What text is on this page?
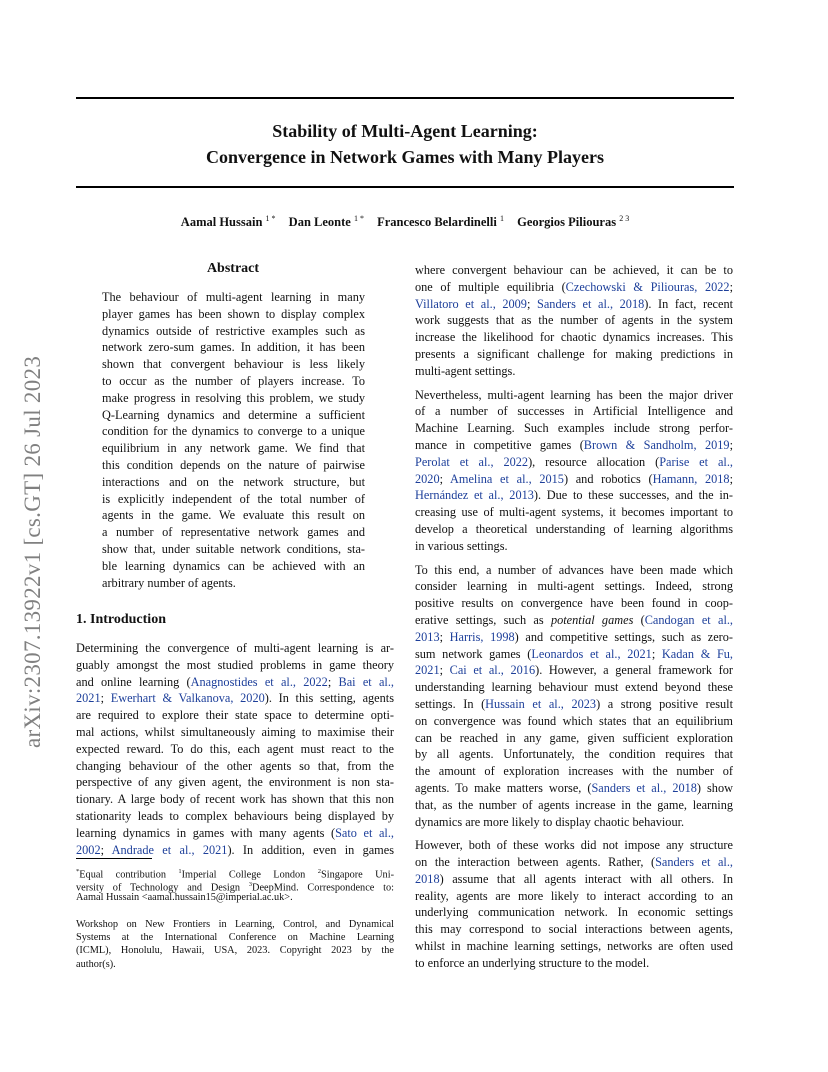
Stability of Multi-Agent Learning:
Convergence in Network Games with Many Players
Aamal Hussain $^{1 *}$ Dan Leonte $^{1 *}$ Francesco Belardinelli $^1$ Georgios Piliouras $^{2 3}$
arXiv:2307.13922v1 [cs.GT] 26 Jul 2023
Abstract
The behaviour of multi-agent learning in many
player games has been shown to display complex
dynamics outside of restrictive examples such as
network zero-sum games. In addition, it has been
shown that convergent behaviour is less likely
to occur as the number of players increase. To
make progress in resolving this problem, we study
Q-Learning dynamics and determine a sufficient
condition for the dynamics to converge to a unique
equilibrium in any network game. We find that
this condition depends on the nature of pairwise
interactions and on the network structure, but
is explicitly independent of the total number of
agents in the game. We evaluate this result on
a number of representative network games and
show that, under suitable network conditions, sta-
ble learning dynamics can be achieved with an
arbitrary number of agents.
1. Introduction
Determining the convergence of multi-agent learning is ar-
guably amongst the most studied problems in game theory
and online learning (Anagnostides et al., 2022; Bai et al.,
2021; Ewerhart & Valkanova, 2020). In this setting, agents
are required to explore their state space to determine opti-
mal actions, whilst simultaneously aiming to maximise their
expected reward. To do this, each agent must react to the
changing behaviour of the other agents so that, from the
perspective of any given agent, the environment is non sta-
tionary. A large body of recent work has shown that this non
stationarity leads to complex behaviours being displayed by
learning dynamics in games with many agents (Sato et al.,
2002; Andrade et al., 2021). In addition, even in games
*Equal contribution $^1$Imperial College London $^2$Singapore Uni-
versity of Technology and Design $^3$DeepMind. Correspondence to:
Aamal Hussain <aamal.hussain15@imperial.ac.uk>.
Workshop on New Frontiers in Learning, Control, and Dynamical
Systems at the International Conference on Machine Learning
(ICML), Honolulu, Hawaii, USA, 2023. Copyright 2023 by the
author(s).
where convergent behaviour can be achieved, it can be to
one of multiple equilibria (Czechowski & Piliouras, 2022;
Villatoro et al., 2009; Sanders et al., 2018). In fact, recent
work suggests that as the number of agents in the system
increase the likelihood for chaotic dynamics increases. This
presents a significant challenge for making predictions in
multi-agent settings.
Nevertheless, multi-agent learning has been the major driver
of a number of successes in Artificial Intelligence and
Machine Learning. Such examples include strong perfor-
mance in competitive games (Brown & Sandholm, 2019;
Perolat et al., 2022), resource allocation (Parise et al.,
2020; Amelina et al., 2015) and robotics (Hamann, 2018;
Hernández et al., 2013). Due to these successes, and the in-
creasing use of multi-agent systems, it becomes important to
develop a theoretical understanding of learning algorithms
in various settings.
To this end, a number of advances have been made which
consider learning in multi-agent settings. Indeed, strong
positive results on convergence have been found in coop-
erative settings, such as potential games (Candogan et al.,
2013; Harris, 1998) and competitive settings, such as zero-
sum network games (Leonardos et al., 2021; Kadan & Fu,
2021; Cai et al., 2016). However, a general framework for
understanding learning behaviour must extend beyond these
settings. In (Hussain et al., 2023) a strong positive result
on convergence was found which states that an equilibrium
can be reached in any game, given sufficient exploration
by all agents. Unfortunately, the condition requires that
the amount of exploration increases with the number of
agents. To make matters worse, (Sanders et al., 2018) show
that, as the number of agents increase in the game, learning
dynamics are more likely to display chaotic behaviour.
However, both of these works did not impose any structure
on the interaction between agents. Rather, (Sanders et al.,
2018) assume that all agents interact with all others. In
reality, agents are more likely to interact according to an
underlying communication network. In economic settings
this may correspond to social interactions between agents,
whilst in machine learning settings, networks are often used
to enforce an underlying structure to the model.
